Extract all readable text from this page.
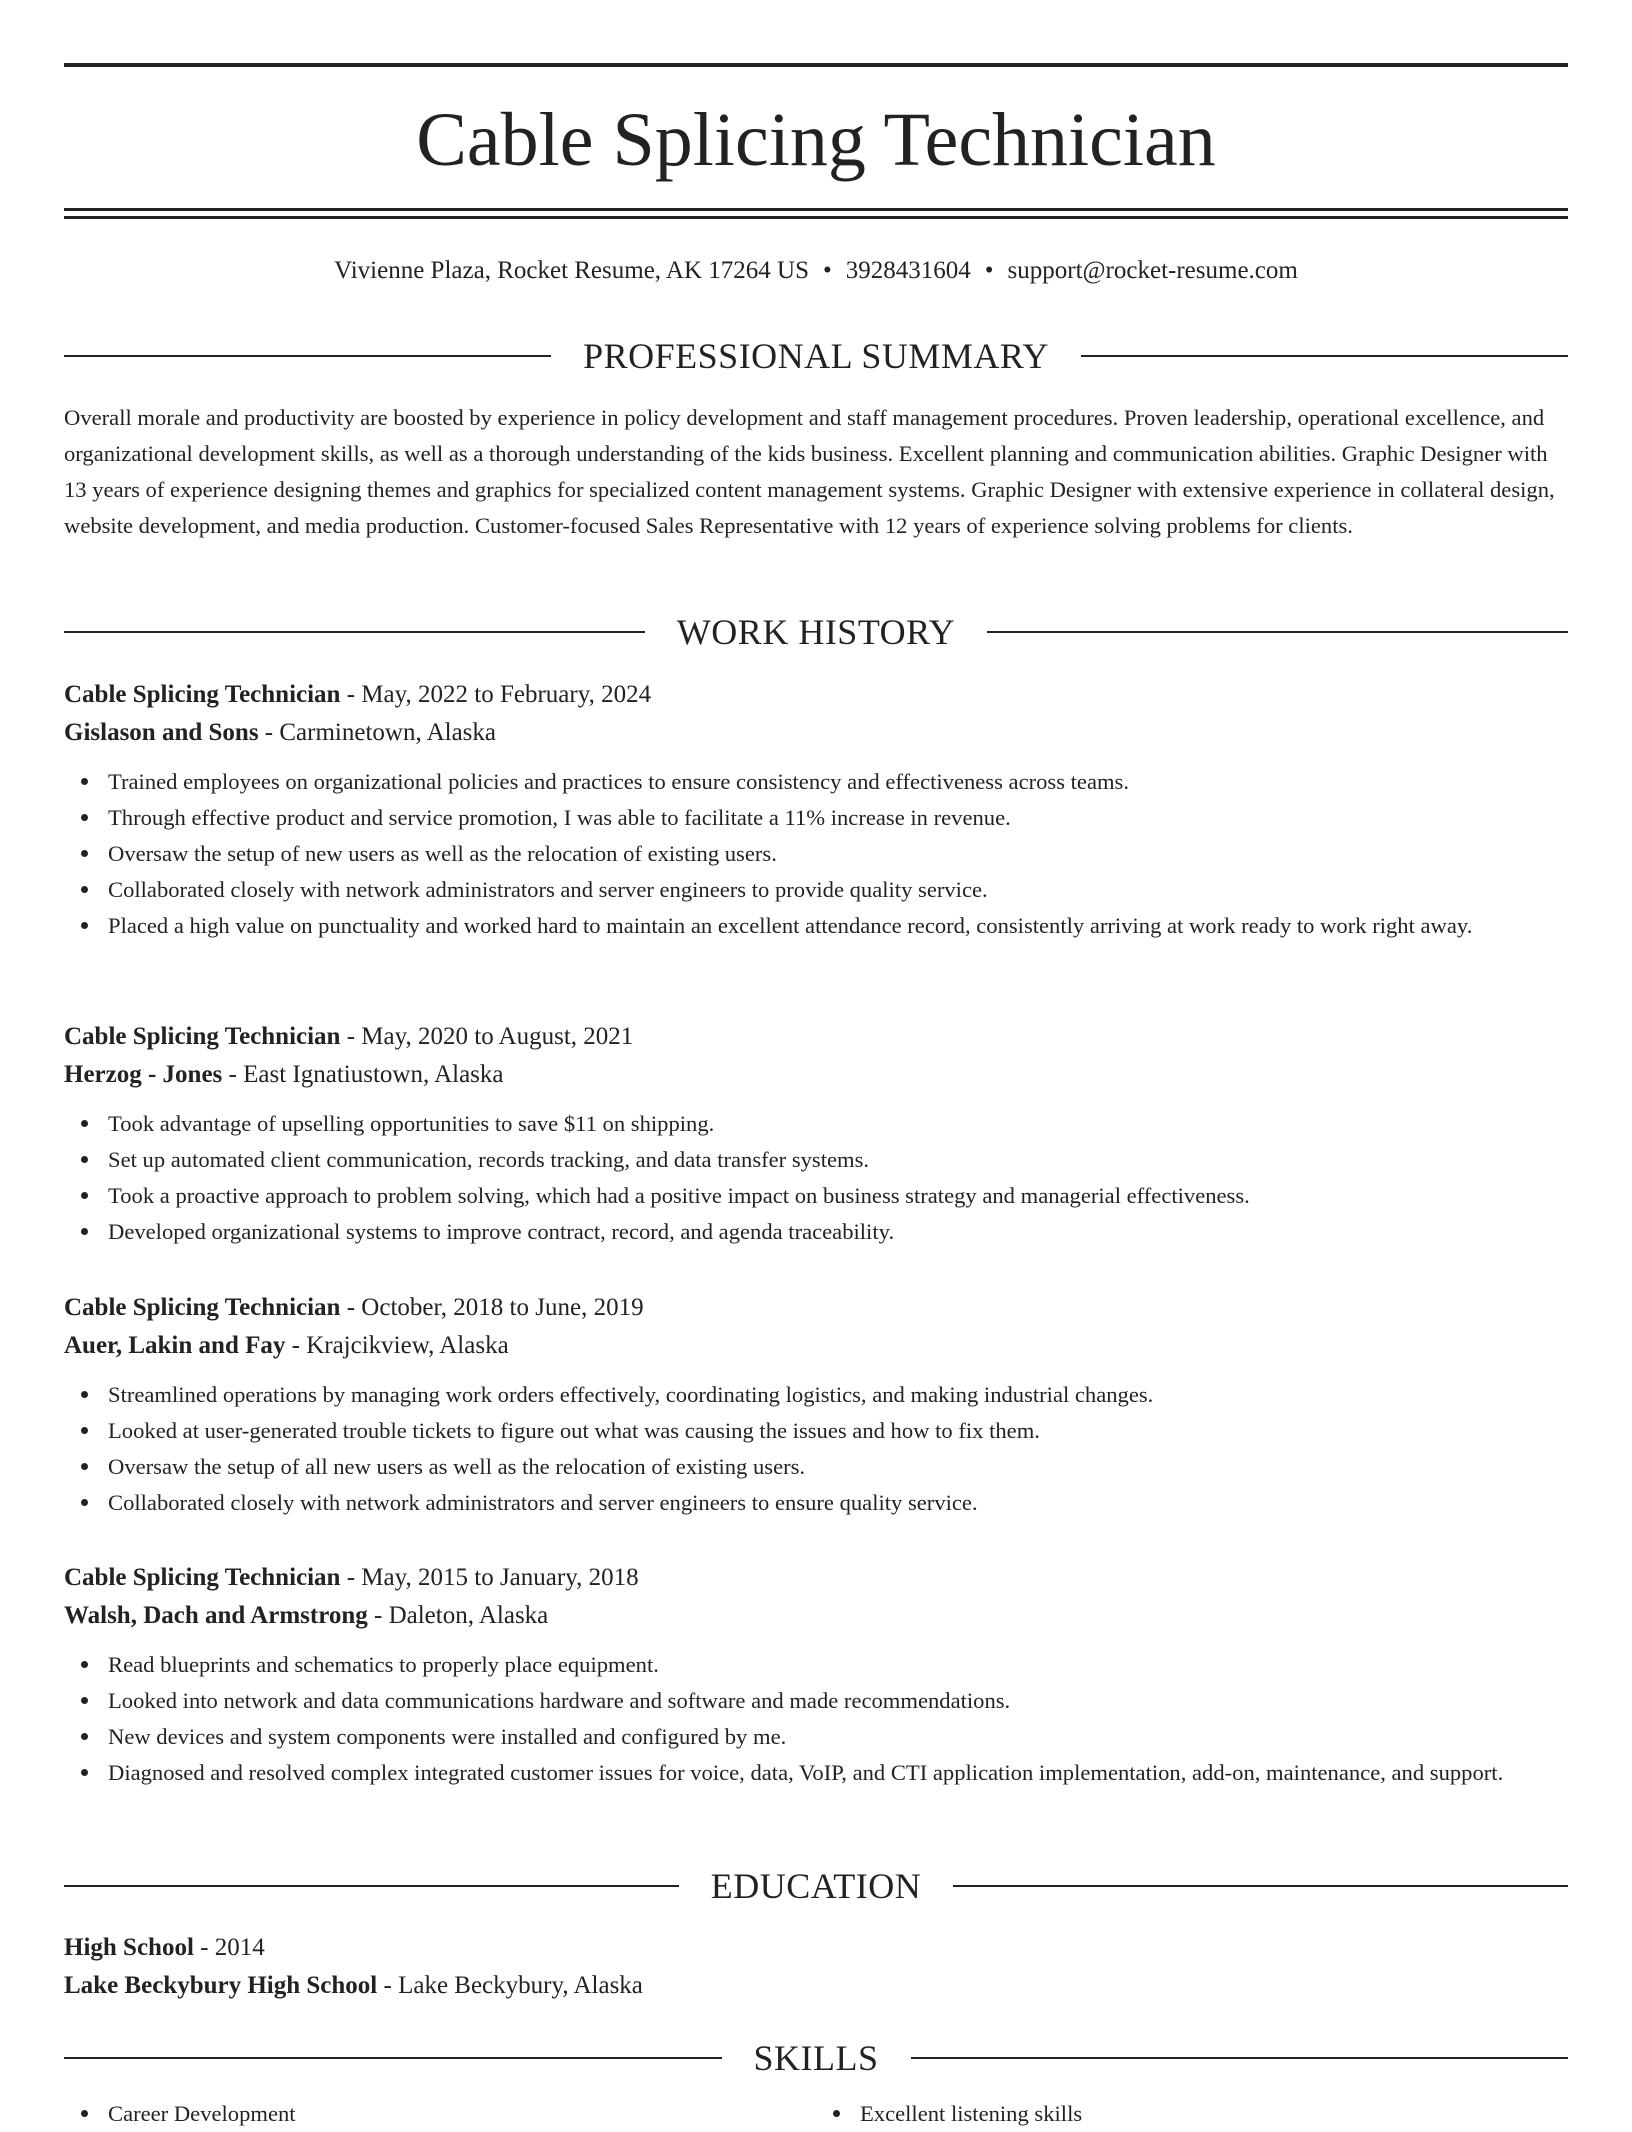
Cable Splicing Technician
Vivienne Plaza, Rocket Resume, AK 17264 US • 3928431604 • support@rocket-resume.com
PROFESSIONAL SUMMARY

Overall morale and productivity are boosted by experience in policy development and staff management procedures. Proven leadership, operational excellence, and organizational development skills, as well as a thorough understanding of the kids business. Excellent planning and communication abilities. Graphic Designer with 13 years of experience designing themes and graphics for specialized content management systems. Graphic Designer with extensive experience in collateral design, website development, and media production. Customer-focused Sales Representative with 12 years of experience solving problems for clients.

WORK HISTORY
Cable Splicing Technician - May, 2022 to February, 2024
Gislason and Sons - Carminetown, Alaska
Trained employees on organizational policies and practices to ensure consistency and effectiveness across teams.
Through effective product and service promotion, I was able to facilitate a 11% increase in revenue.
Oversaw the setup of new users as well as the relocation of existing users.
Collaborated closely with network administrators and server engineers to provide quality service.
Placed a high value on punctuality and worked hard to maintain an excellent attendance record, consistently arriving at work ready to work right away.
Cable Splicing Technician - May, 2020 to August, 2021
Herzog - Jones - East Ignatiustown, Alaska
Took advantage of upselling opportunities to save $11 on shipping.
Set up automated client communication, records tracking, and data transfer systems.
Took a proactive approach to problem solving, which had a positive impact on business strategy and managerial effectiveness.
Developed organizational systems to improve contract, record, and agenda traceability.
Cable Splicing Technician - October, 2018 to June, 2019
Auer, Lakin and Fay - Krajcikview, Alaska
Streamlined operations by managing work orders effectively, coordinating logistics, and making industrial changes.
Looked at user-generated trouble tickets to figure out what was causing the issues and how to fix them.
Oversaw the setup of all new users as well as the relocation of existing users.
Collaborated closely with network administrators and server engineers to ensure quality service.
Cable Splicing Technician - May, 2015 to January, 2018
Walsh, Dach and Armstrong - Daleton, Alaska
Read blueprints and schematics to properly place equipment.
Looked into network and data communications hardware and software and made recommendations.
New devices and system components were installed and configured by me.
Diagnosed and resolved complex integrated customer issues for voice, data, VoIP, and CTI application implementation, add-on, maintenance, and support.
EDUCATION
High School - 2014
Lake Beckybury High School - Lake Beckybury, Alaska
SKILLS
Career Development	Excellent listening skills
